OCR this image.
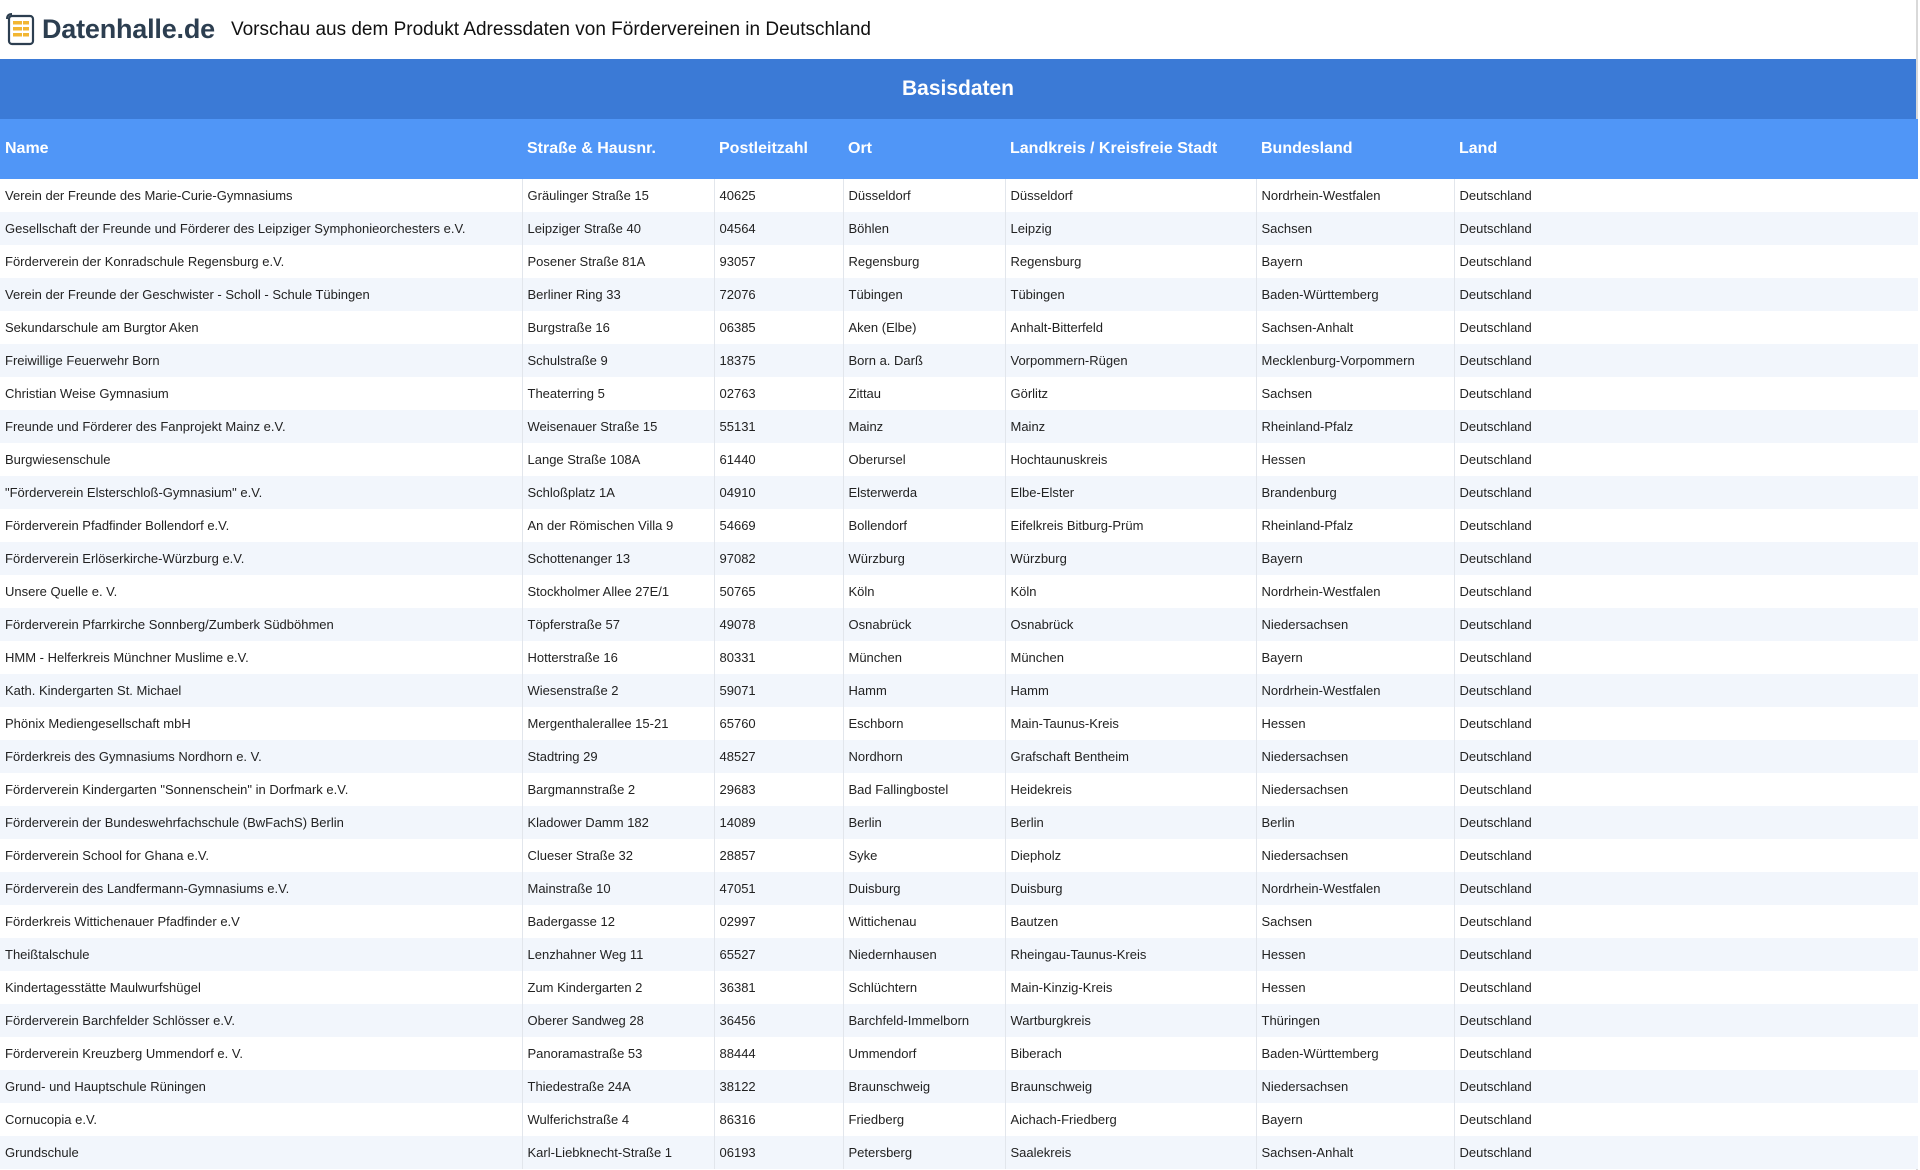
Datenhalle.de Vorschau aus dem Produkt Adressdaten von Fördervereinen in Deutschland
Basisdaten
Name	Straße & Hausnr.	Postleitzahl	Ort	Landkreis / Kreisfreie Stadt	Bundesland	Land
Verein der Freunde des Marie-Curie-Gymnasiums	Gräulinger Straße 15	40625	Düsseldorf	Düsseldorf	Nordrhein-Westfalen	Deutschland
Gesellschaft der Freunde und Förderer des Leipziger Symphonieorchesters e.V.	Leipziger Straße 40	04564	Böhlen	Leipzig	Sachsen	Deutschland
Förderverein der Konradschule Regensburg e.V.	Posener Straße 81A	93057	Regensburg	Regensburg	Bayern	Deutschland
Verein der Freunde der Geschwister - Scholl - Schule Tübingen	Berliner Ring 33	72076	Tübingen	Tübingen	Baden-Württemberg	Deutschland
Sekundarschule am Burgtor Aken	Burgstraße 16	06385	Aken (Elbe)	Anhalt-Bitterfeld	Sachsen-Anhalt	Deutschland
Freiwillige Feuerwehr Born	Schulstraße 9	18375	Born a. Darß	Vorpommern-Rügen	Mecklenburg-Vorpommern	Deutschland
Christian Weise Gymnasium	Theaterring 5	02763	Zittau	Görlitz	Sachsen	Deutschland
Freunde und Förderer des Fanprojekt Mainz e.V.	Weisenauer Straße 15	55131	Mainz	Mainz	Rheinland-Pfalz	Deutschland
Burgwiesenschule	Lange Straße 108A	61440	Oberursel	Hochtaunuskreis	Hessen	Deutschland
"Förderverein Elsterschloß-Gymnasium" e.V.	Schloßplatz 1A	04910	Elsterwerda	Elbe-Elster	Brandenburg	Deutschland
Förderverein Pfadfinder Bollendorf e.V.	An der Römischen Villa 9	54669	Bollendorf	Eifelkreis Bitburg-Prüm	Rheinland-Pfalz	Deutschland
Förderverein Erlöserkirche-Würzburg e.V.	Schottenanger 13	97082	Würzburg	Würzburg	Bayern	Deutschland
Unsere Quelle e. V.	Stockholmer Allee 27E/1	50765	Köln	Köln	Nordrhein-Westfalen	Deutschland
Förderverein Pfarrkirche Sonnberg/Zumberk Südböhmen	Töpferstraße 57	49078	Osnabrück	Osnabrück	Niedersachsen	Deutschland
HMM - Helferkreis Münchner Muslime e.V.	Hotterstraße 16	80331	München	München	Bayern	Deutschland
Kath. Kindergarten St. Michael	Wiesenstraße 2	59071	Hamm	Hamm	Nordrhein-Westfalen	Deutschland
Phönix Mediengesellschaft mbH	Mergenthalerallee 15-21	65760	Eschborn	Main-Taunus-Kreis	Hessen	Deutschland
Förderkreis des Gymnasiums Nordhorn e. V.	Stadtring 29	48527	Nordhorn	Grafschaft Bentheim	Niedersachsen	Deutschland
Förderverein Kindergarten "Sonnenschein" in Dorfmark e.V.	Bargmannstraße 2	29683	Bad Fallingbostel	Heidekreis	Niedersachsen	Deutschland
Förderverein der Bundeswehrfachschule (BwFachS) Berlin	Kladower Damm 182	14089	Berlin	Berlin	Berlin	Deutschland
Förderverein School for Ghana e.V.	Clueser Straße 32	28857	Syke	Diepholz	Niedersachsen	Deutschland
Förderverein des Landfermann-Gymnasiums e.V.	Mainstraße 10	47051	Duisburg	Duisburg	Nordrhein-Westfalen	Deutschland
Förderkreis Wittichenauer Pfadfinder e.V	Badergasse 12	02997	Wittichenau	Bautzen	Sachsen	Deutschland
Theißtalschule	Lenzhahner Weg 11	65527	Niedernhausen	Rheingau-Taunus-Kreis	Hessen	Deutschland
Kindertagesstätte Maulwurfshügel	Zum Kindergarten 2	36381	Schlüchtern	Main-Kinzig-Kreis	Hessen	Deutschland
Förderverein Barchfelder Schlösser e.V.	Oberer Sandweg 28	36456	Barchfeld-Immelborn	Wartburgkreis	Thüringen	Deutschland
Förderverein Kreuzberg Ummendorf e. V.	Panoramastraße 53	88444	Ummendorf	Biberach	Baden-Württemberg	Deutschland
Grund- und Hauptschule Rüningen	Thiedestraße 24A	38122	Braunschweig	Braunschweig	Niedersachsen	Deutschland
Cornucopia e.V.	Wulferichstraße 4	86316	Friedberg	Aichach-Friedberg	Bayern	Deutschland
Grundschule	Karl-Liebknecht-Straße 1	06193	Petersberg	Saalekreis	Sachsen-Anhalt	Deutschland
